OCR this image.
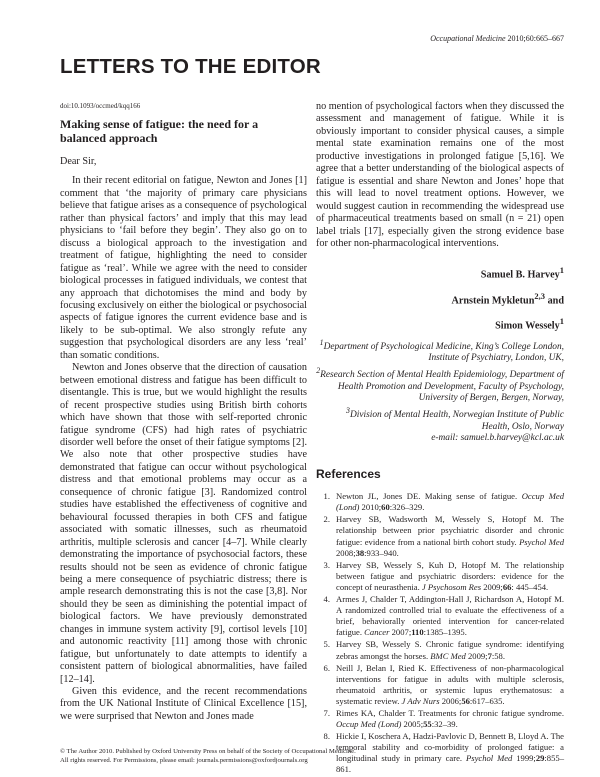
Occupational Medicine 2010;60:665–667
LETTERS TO THE EDITOR
doi:10.1093/occmed/kqq166

Making sense of fatigue: the need for a balanced approach

Dear Sir,

In their recent editorial on fatigue, Newton and Jones [1] comment that ‘the majority of primary care physicians believe that fatigue arises as a consequence of psychological rather than physical factors’ and imply that this may lead physicians to ‘fail before they begin’. They also go on to discuss a biological approach to the investigation and treatment of fatigue, highlighting the need to consider fatigue as ‘real’. While we agree with the need to consider biological processes in fatigued individuals, we contest that any approach that dichotomises the mind and body by focusing exclusively on either the biological or psychosocial aspects of fatigue ignores the current evidence base and is likely to be sub-optimal. We also strongly refute any suggestion that psychological disorders are any less ‘real’ than somatic conditions.

Newton and Jones observe that the direction of causation between emotional distress and fatigue has been difficult to disentangle. This is true, but we would highlight the results of recent prospective studies using British birth cohorts which have shown that those with self-reported chronic fatigue syndrome (CFS) had high rates of psychiatric disorder well before the onset of their fatigue symptoms [2]. We also note that other prospective studies have demonstrated that fatigue can occur without psychological distress and that emotional problems may occur as a consequence of chronic fatigue [3]. Randomized control studies have established the effectiveness of cognitive and behavioural focussed therapies in both CFS and fatigue associated with somatic illnesses, such as rheumatoid arthritis, multiple sclerosis and cancer [4–7]. While clearly demonstrating the importance of psychosocial factors, these results should not be seen as evidence of chronic fatigue being a mere consequence of psychiatric distress; there is ample research demonstrating this is not the case [3,8]. Nor should they be seen as diminishing the potential impact of biological factors. We have previously demonstrated changes in immune system activity [9], cortisol levels [10] and autonomic reactivity [11] among those with chronic fatigue, but unfortunately to date attempts to identify a consistent pattern of biological abnormalities, have failed [12–14].

Given this evidence, and the recent recommendations from the UK National Institute of Clinical Excellence [15], we were surprised that Newton and Jones made

no mention of psychological factors when they discussed the assessment and management of fatigue. While it is obviously important to consider physical causes, a simple mental state examination remains one of the most productive investigations in prolonged fatigue [5,16]. We agree that a better understanding of the biological aspects of fatigue is essential and share Newton and Jones’ hope that this will lead to novel treatment options. However, we would suggest caution in recommending the widespread use of pharmaceutical treatments based on small (n = 21) open label trials [17], especially given the strong evidence base for other non-pharmacological interventions.

Samuel B. Harvey$^1$
Arnstein Mykletun$^{2,3}$ and
Simon Wessely$^1$
$^1$Department of Psychological Medicine, King’s College London, Institute of Psychiatry, London, UK,
$^2$Research Section of Mental Health Epidemiology, Department of Health Promotion and Development, Faculty of Psychology, University of Bergen, Bergen, Norway,
$^3$Division of Mental Health, Norwegian Institute of Public Health, Oslo, Norway
e-mail: samuel.b.harvey@kcl.ac.uk

References

1. Newton JL, Jones DE. Making sense of fatigue. Occup Med (Lond) 2010;60:326–329.
2. Harvey SB, Wadsworth M, Wessely S, Hotopf M. The relationship between prior psychiatric disorder and chronic fatigue: evidence from a national birth cohort study. Psychol Med 2008;38:933–940.
3. Harvey SB, Wessely S, Kuh D, Hotopf M. The relationship between fatigue and psychiatric disorders: evidence for the concept of neurasthenia. J Psychosom Res 2009;66: 445–454.
4. Armes J, Chalder T, Addington-Hall J, Richardson A, Hotopf M. A randomized controlled trial to evaluate the effectiveness of a brief, behaviorally oriented intervention for cancer-related fatigue. Cancer 2007;110:1385–1395.
5. Harvey SB, Wessely S. Chronic fatigue syndrome: identifying zebras amongst the horses. BMC Med 2009;7:58.
6. Neill J, Belan I, Ried K. Effectiveness of non-pharmacological interventions for fatigue in adults with multiple sclerosis, rheumatoid arthritis, or systemic lupus erythematosus: a systematic review. J Adv Nurs 2006;56:617–635.
7. Rimes KA, Chalder T. Treatments for chronic fatigue syndrome. Occup Med (Lond) 2005;55:32–39.
8. Hickie I, Koschera A, Hadzi-Pavlovic D, Bennett B, Lloyd A. The temporal stability and co-morbidity of prolonged fatigue: a longitudinal study in primary care. Psychol Med 1999;29:855–861.
© The Author 2010. Published by Oxford University Press on behalf of the Society of Occupational Medicine.
All rights reserved. For Permissions, please email: journals.permissions@oxfordjournals.org
